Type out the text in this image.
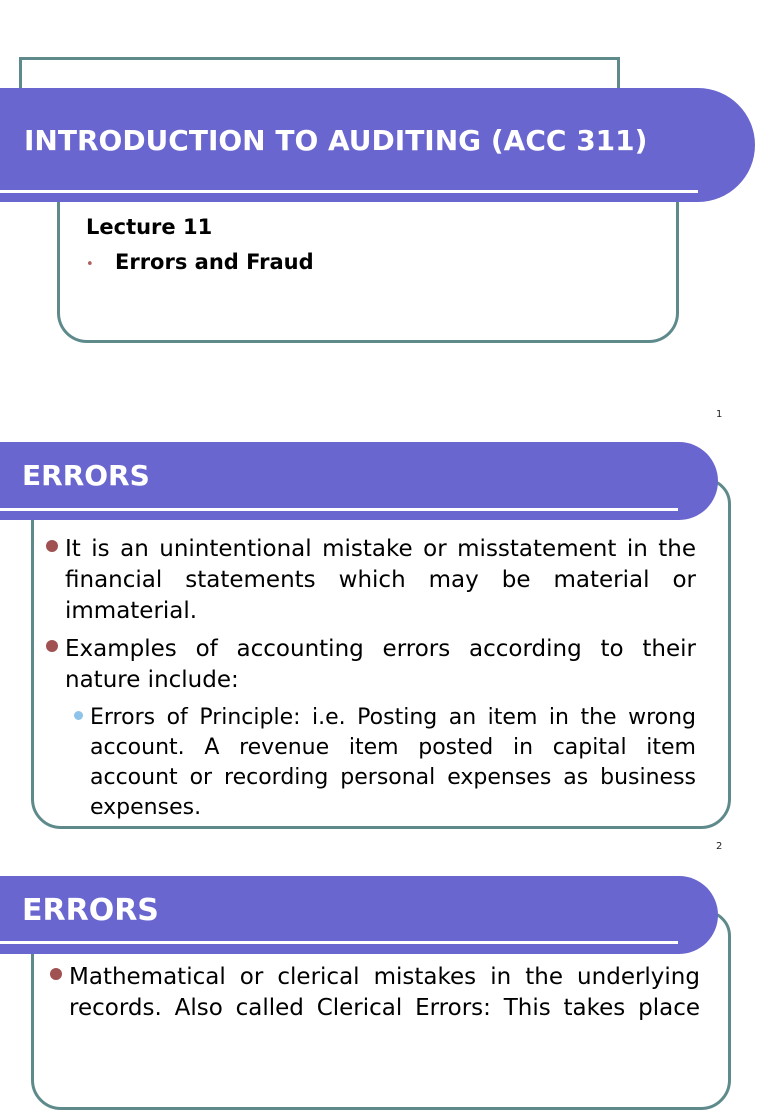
INTRODUCTION TO AUDITING (ACC 311)
Lecture 11
• Errors and Fraud
1
ERRORS
It is an unintentional mistake or misstatement in the financial statements which may be material or immaterial.
Examples of accounting errors according to their nature include:
Errors of Principle: i.e. Posting an item in the wrong account. A revenue item posted in capital item account or recording personal expenses as business expenses.
2
ERRORS
Mathematical or clerical mistakes in the underlying records. Also called Clerical Errors: This takes place
